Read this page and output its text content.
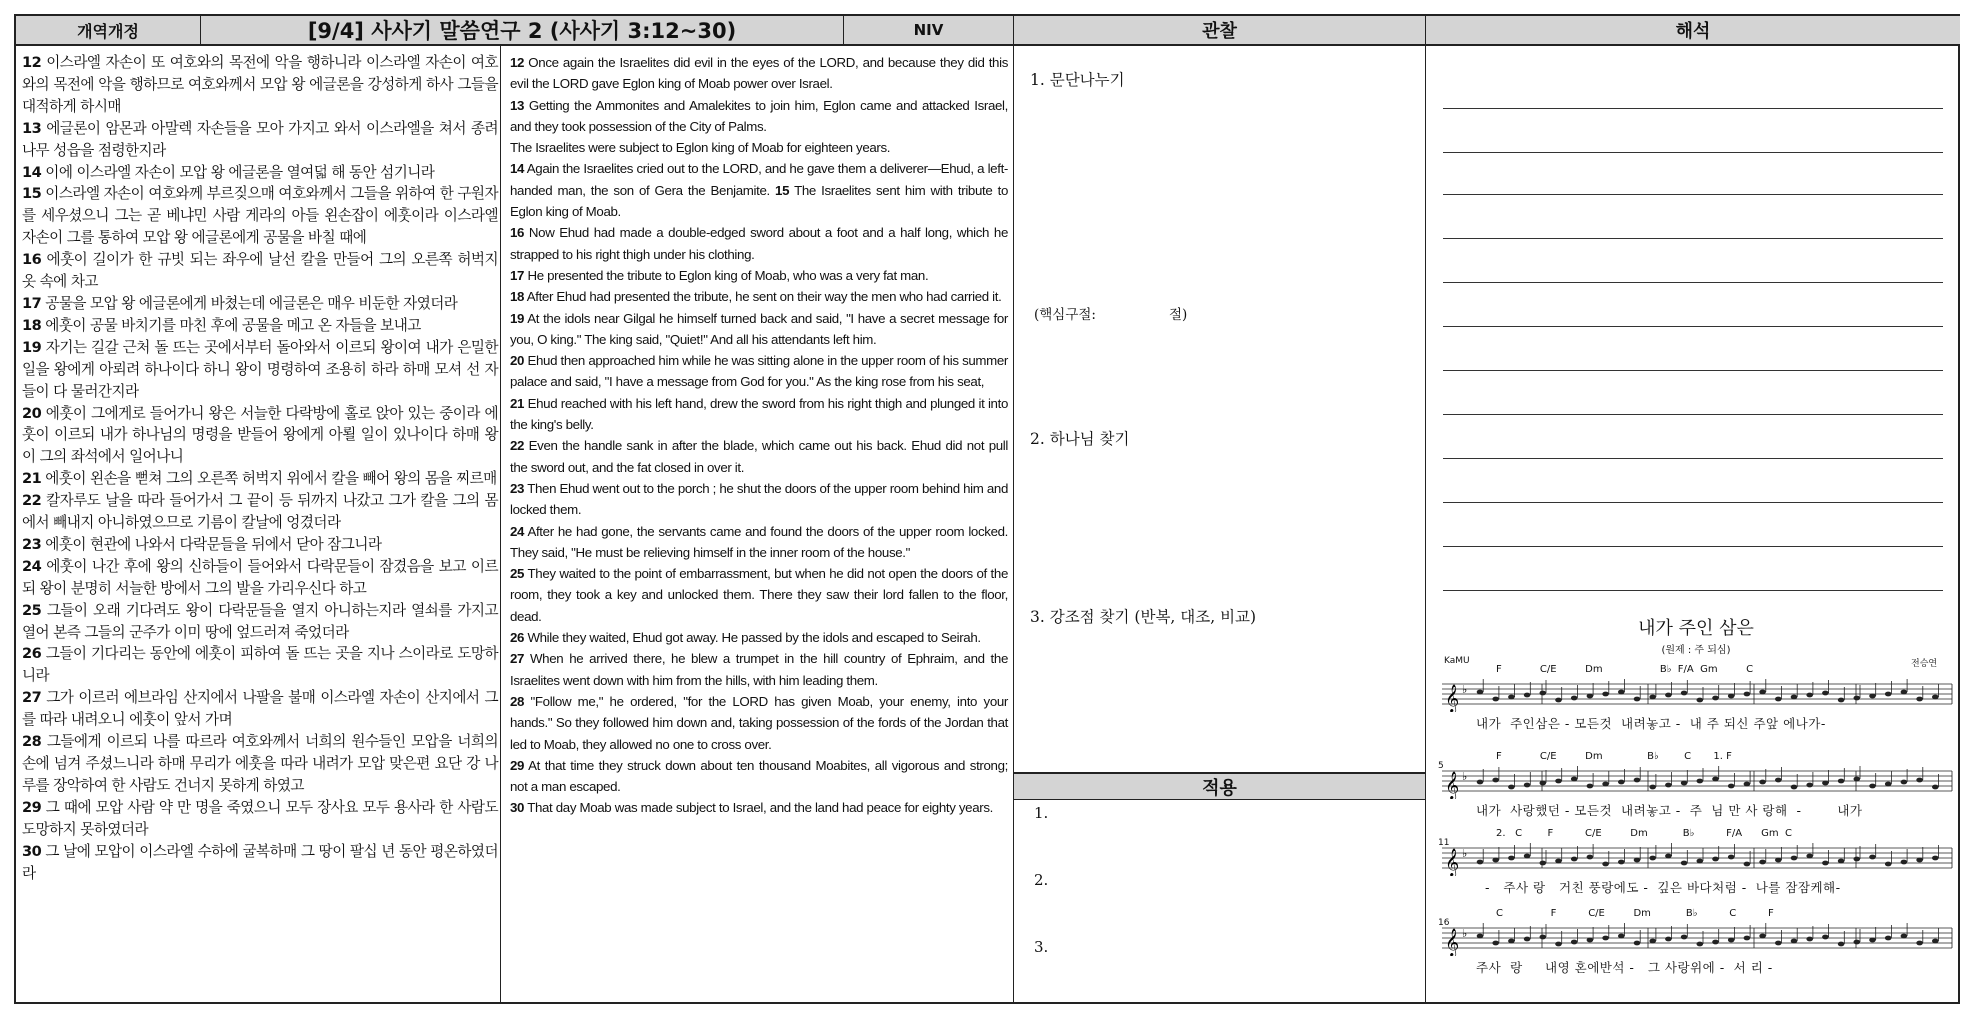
개역개정	[9/4] 사사기 말씀연구 2 (사사기 3:12~30)	NIV	관찰	해석

12 이스라엘 자손이 또 여호와의 목전에 악을 행하니라 이스라엘 자손이 여호와의 목전에 악을 행하므로 여호와께서 모압 왕 에글론을 강성하게 하사 그들을 대적하게 하시매

13 에글론이 암몬과 아말렉 자손들을 모아 가지고 와서 이스라엘을 쳐서 종려나무 성읍을 점령한지라

14 이에 이스라엘 자손이 모압 왕 에글론을 열여덟 해 동안 섬기니라

15 이스라엘 자손이 여호와께 부르짖으매 여호와께서 그들을 위하여 한 구원자를 세우셨으니 그는 곧 베냐민 사람 게라의 아들 왼손잡이 에훗이라 이스라엘 자손이 그를 통하여 모압 왕 에글론에게 공물을 바칠 때에

16 에훗이 길이가 한 규빗 되는 좌우에 날선 칼을 만들어 그의 오른쪽 허벅지 옷 속에 차고

17 공물을 모압 왕 에글론에게 바쳤는데 에글론은 매우 비둔한 자였더라

18 에훗이 공물 바치기를 마친 후에 공물을 메고 온 자들을 보내고

19 자기는 길갈 근처 돌 뜨는 곳에서부터 돌아와서 이르되 왕이여 내가 은밀한 일을 왕에게 아뢰려 하나이다 하니 왕이 명령하여 조용히 하라 하매 모셔 선 자들이 다 물러간지라

20 에훗이 그에게로 들어가니 왕은 서늘한 다락방에 홀로 앉아 있는 중이라 에훗이 이르되 내가 하나님의 명령을 받들어 왕에게 아뢸 일이 있나이다 하매 왕이 그의 좌석에서 일어나니

21 에훗이 왼손을 뻗쳐 그의 오른쪽 허벅지 위에서 칼을 빼어 왕의 몸을 찌르매

22 칼자루도 날을 따라 들어가서 그 끝이 등 뒤까지 나갔고 그가 칼을 그의 몸에서 빼내지 아니하였으므로 기름이 칼날에 엉겼더라

23 에훗이 현관에 나와서 다락문들을 뒤에서 닫아 잠그니라

24 에훗이 나간 후에 왕의 신하들이 들어와서 다락문들이 잠겼음을 보고 이르되 왕이 분명히 서늘한 방에서 그의 발을 가리우신다 하고

25 그들이 오래 기다려도 왕이 다락문들을 열지 아니하는지라 열쇠를 가지고 열어 본즉 그들의 군주가 이미 땅에 엎드러져 죽었더라

26 그들이 기다리는 동안에 에훗이 피하여 돌 뜨는 곳을 지나 스이라로 도망하니라

27 그가 이르러 에브라임 산지에서 나팔을 불매 이스라엘 자손이 산지에서 그를 따라 내려오니 에훗이 앞서 가며

28 그들에게 이르되 나를 따르라 여호와께서 너희의 원수들인 모압을 너희의 손에 넘겨 주셨느니라 하매 무리가 에훗을 따라 내려가 모압 맞은편 요단 강 나루를 장악하여 한 사람도 건너지 못하게 하였고

29 그 때에 모압 사람 약 만 명을 죽였으니 모두 장사요 모두 용사라 한 사람도 도망하지 못하였더라

30 그 날에 모압이 이스라엘 수하에 굴복하매 그 땅이 팔십 년 동안 평온하였더라

12 Once again the Israelites did evil in the eyes of the LORD, and because they did this evil the LORD gave Eglon king of Moab power over Israel.

13 Getting the Ammonites and Amalekites to join him, Eglon came and attacked Israel, and they took possession of the City of Palms.

The Israelites were subject to Eglon king of Moab for eighteen years.

14 Again the Israelites cried out to the LORD, and he gave them a deliverer—Ehud, a left-handed man, the son of Gera the Benjamite. 15 The Israelites sent him with tribute to Eglon king of Moab.

16 Now Ehud had made a double-edged sword about a foot and a half long, which he strapped to his right thigh under his clothing.

17 He presented the tribute to Eglon king of Moab, who was a very fat man.

18 After Ehud had presented the tribute, he sent on their way the men who had carried it.

19 At the idols near Gilgal he himself turned back and said, "I have a secret message for you, O king." The king said, "Quiet!" And all his attendants left him.

20 Ehud then approached him while he was sitting alone in the upper room of his summer palace and said, "I have a message from God for you." As the king rose from his seat,

21 Ehud reached with his left hand, drew the sword from his right thigh and plunged it into the king's belly.

22 Even the handle sank in after the blade, which came out his back. Ehud did not pull the sword out, and the fat closed in over it.

23 Then Ehud went out to the porch ; he shut the doors of the upper room behind him and locked them.

24 After he had gone, the servants came and found the doors of the upper room locked. They said, "He must be relieving himself in the inner room of the house."

25 They waited to the point of embarrassment, but when he did not open the doors of the room, they took a key and unlocked them. There they saw their lord fallen to the floor, dead.

26 While they waited, Ehud got away. He passed by the idols and escaped to Seirah.

27 When he arrived there, he blew a trumpet in the hill country of Ephraim, and the Israelites went down with him from the hills, with him leading them.

28 "Follow me," he ordered, "for the LORD has given Moab, your enemy, into your hands." So they followed him down and, taking possession of the fords of the Jordan that led to Moab, they allowed no one to cross over.

29 At that time they struck down about ten thousand Moabites, all vigorous and strong; not a man escaped.

30 That day Moab was made subject to Israel, and the land had peace for eighty years.

1. 문단나누기
(핵심구절:	절)
2. 하나님 찾기
3. 강조점 찾기 (반복, 대조, 비교)
적용
1.
2.
3.
내가 주인 삼은
(원제 : 주 되심)
KaMU	전승연
𝄞 ♭
F            C/E         Dm                  B♭  F/A  Gm         C
내가  주인삼은 - 모든것  내려놓고 -  내 주 되신 주앞 에나가-
𝄞 ♭
F            C/E         Dm              B♭        C       1. F
내가  사랑했던 - 모든것  내려놓고 -  주  님 만 사 랑해  -        내가
5
𝄞 ♭
2.   C        F          C/E         Dm           B♭          F/A      Gm  C
-   주사 랑   거친 풍랑에도 -  깊은 바다처럼 -  나를 잠잠케해-
11
𝄞 ♭
C               F          C/E         Dm           B♭          C          F
주사  랑     내영 혼에반석 -   그 사랑위에 -  서 리 -
16
